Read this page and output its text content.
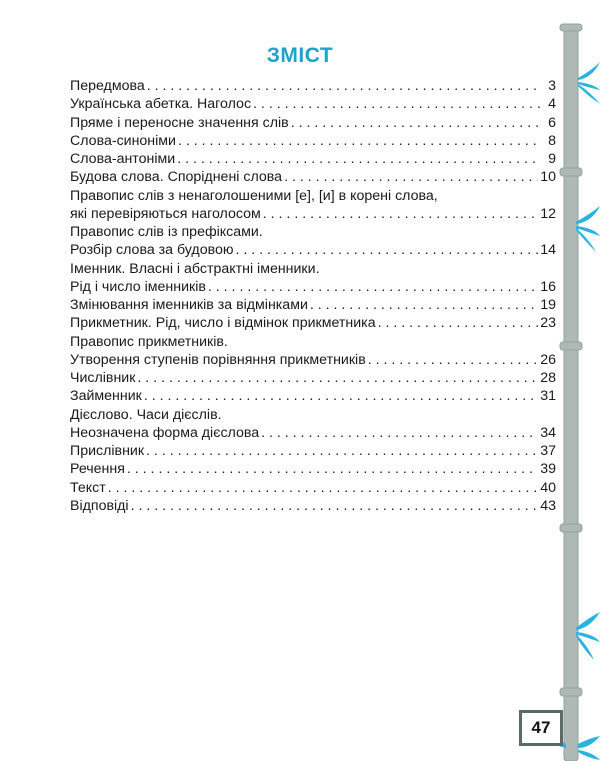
ЗМІСТ
Передмова . . .	3
Українська абетка. Наголос . . .	4
Пряме і переносне значення слів . . .	6
Слова-синоніми . . .	8
Слова-антоніми . . .	9
Будова слова. Споріднені слова . . .	10
Правопис слів з ненаголошеними [е], [и] в корені слова,
які перевіряються наголосом . . .	12
Правопис слів із префіксами.
Розбір слова за будовою . . .	14
Іменник. Власні і абстрактні іменники.
Рід і число іменників . . .	16
Змінювання іменників за відмінками . . .	19
Прикметник. Рід, число і відмінок прикметника . . .	23
Правопис прикметників.
Утворення ступенів порівняння прикметників . . .	26
Числівник . . .	28
Займенник . . .	31
Дієслово. Часи дієслів.
Неозначена форма дієслова . . .	34
Прислівник . . .	37
Речення . . .	39
Текст . . .	40
Відповіді . . .	43
47
